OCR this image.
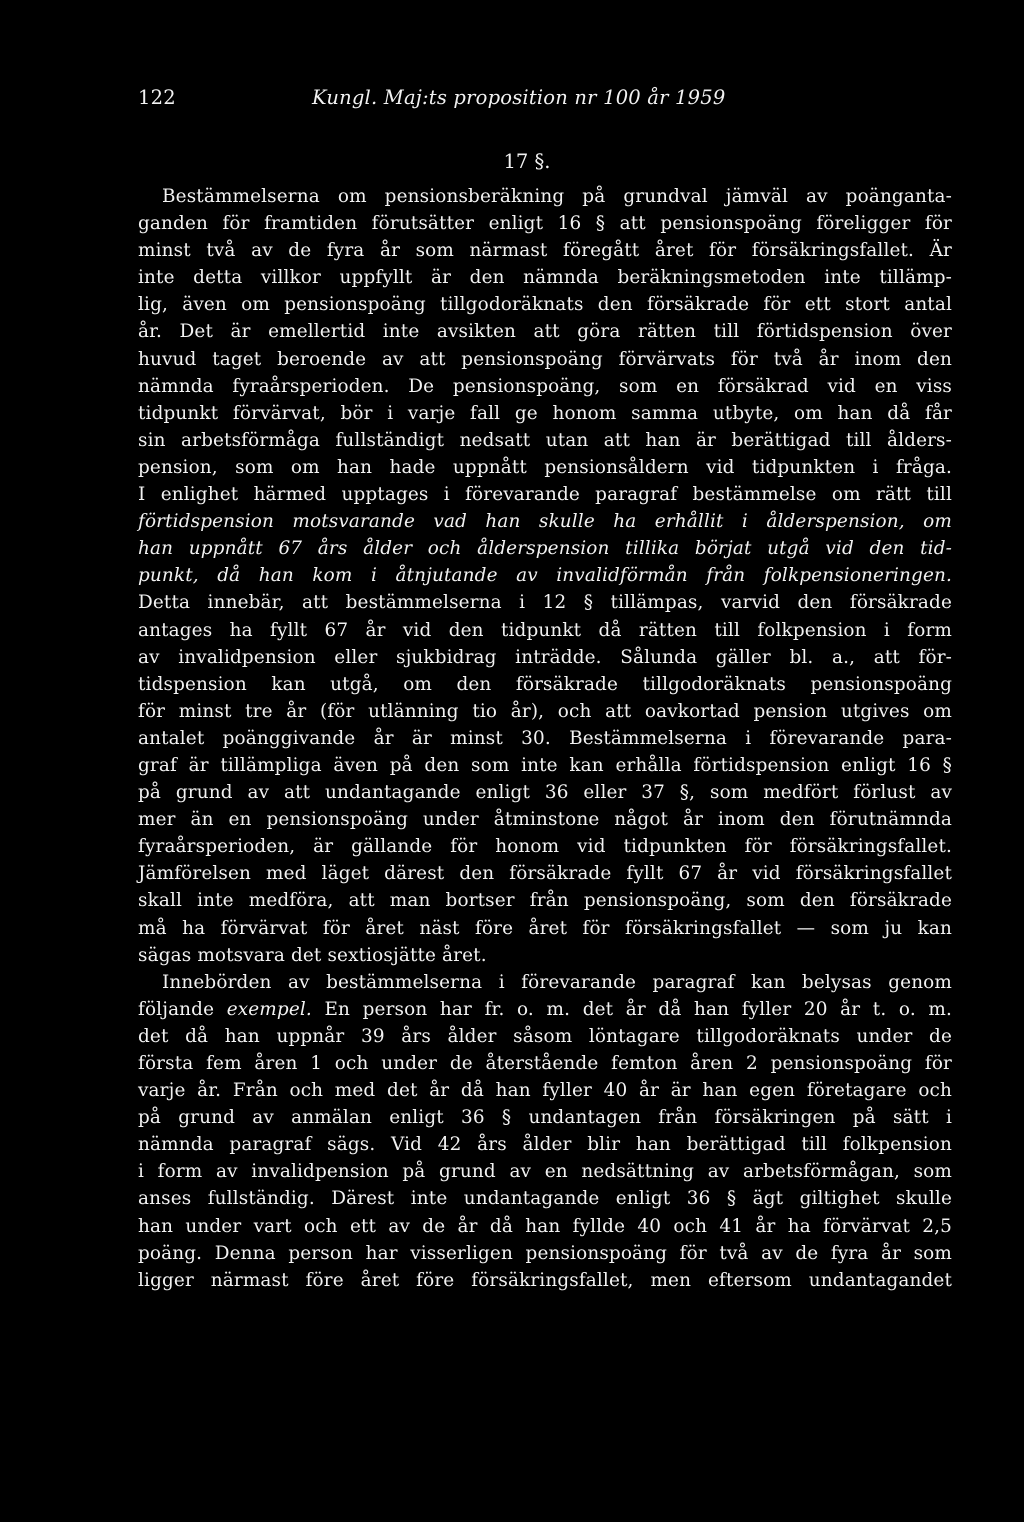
122	Kungl. Maj:ts proposition nr 100 år 1959
17 §.
Bestämmelserna om pensionsberäkning på grundval jämväl av poänganta-
ganden för framtiden förutsätter enligt 16 § att pensionspoäng föreligger för
minst två av de fyra år som närmast föregått året för försäkringsfallet. Är
inte detta villkor uppfyllt är den nämnda beräkningsmetoden inte tillämp-
lig, även om pensionspoäng tillgodoräknats den försäkrade för ett stort antal
år. Det är emellertid inte avsikten att göra rätten till förtidspension över
huvud taget beroende av att pensionspoäng förvärvats för två år inom den
nämnda fyraårsperioden. De pensionspoäng, som en försäkrad vid en viss
tidpunkt förvärvat, bör i varje fall ge honom samma utbyte, om han då får
sin arbetsförmåga fullständigt nedsatt utan att han är berättigad till ålders-
pension, som om han hade uppnått pensionsåldern vid tidpunkten i fråga.
I enlighet härmed upptages i förevarande paragraf bestämmelse om rätt till
förtidspension motsvarande vad han skulle ha erhållit i ålderspension, om
han uppnått 67 års ålder och ålderspension tillika börjat utgå vid den tid-
punkt, då han kom i åtnjutande av invalidförmån från folkpensioneringen.
Detta innebär, att bestämmelserna i 12 § tillämpas, varvid den försäkrade
antages ha fyllt 67 år vid den tidpunkt då rätten till folkpension i form
av invalidpension eller sjukbidrag inträdde. Sålunda gäller bl. a., att för-
tidspension kan utgå, om den försäkrade tillgodoräknats pensionspoäng
för minst tre år (för utlänning tio år), och att oavkortad pension utgives om
antalet poänggivande år är minst 30. Bestämmelserna i förevarande para-
graf är tillämpliga även på den som inte kan erhålla förtidspension enligt 16 §
på grund av att undantagande enligt 36 eller 37 §, som medfört förlust av
mer än en pensionspoäng under åtminstone något år inom den förutnämnda
fyraårsperioden, är gällande för honom vid tidpunkten för försäkringsfallet.
Jämförelsen med läget därest den försäkrade fyllt 67 år vid försäkringsfallet
skall inte medföra, att man bortser från pensionspoäng, som den försäkrade
må ha förvärvat för året näst före året för försäkringsfallet — som ju kan
sägas motsvara det sextiosjätte året.
Innebörden av bestämmelserna i förevarande paragraf kan belysas genom
följande exempel. En person har fr. o. m. det år då han fyller 20 år t. o. m.
det då han uppnår 39 års ålder såsom löntagare tillgodoräknats under de
första fem åren 1 och under de återstående femton åren 2 pensionspoäng för
varje år. Från och med det år då han fyller 40 år är han egen företagare och
på grund av anmälan enligt 36 § undantagen från försäkringen på sätt i
nämnda paragraf sägs. Vid 42 års ålder blir han berättigad till folkpension
i form av invalidpension på grund av en nedsättning av arbetsförmågan, som
anses fullständig. Därest inte undantagande enligt 36 § ägt giltighet skulle
han under vart och ett av de år då han fyllde 40 och 41 år ha förvärvat 2,5
poäng. Denna person har visserligen pensionspoäng för två av de fyra år som
ligger närmast före året före försäkringsfallet, men eftersom undantagandet
